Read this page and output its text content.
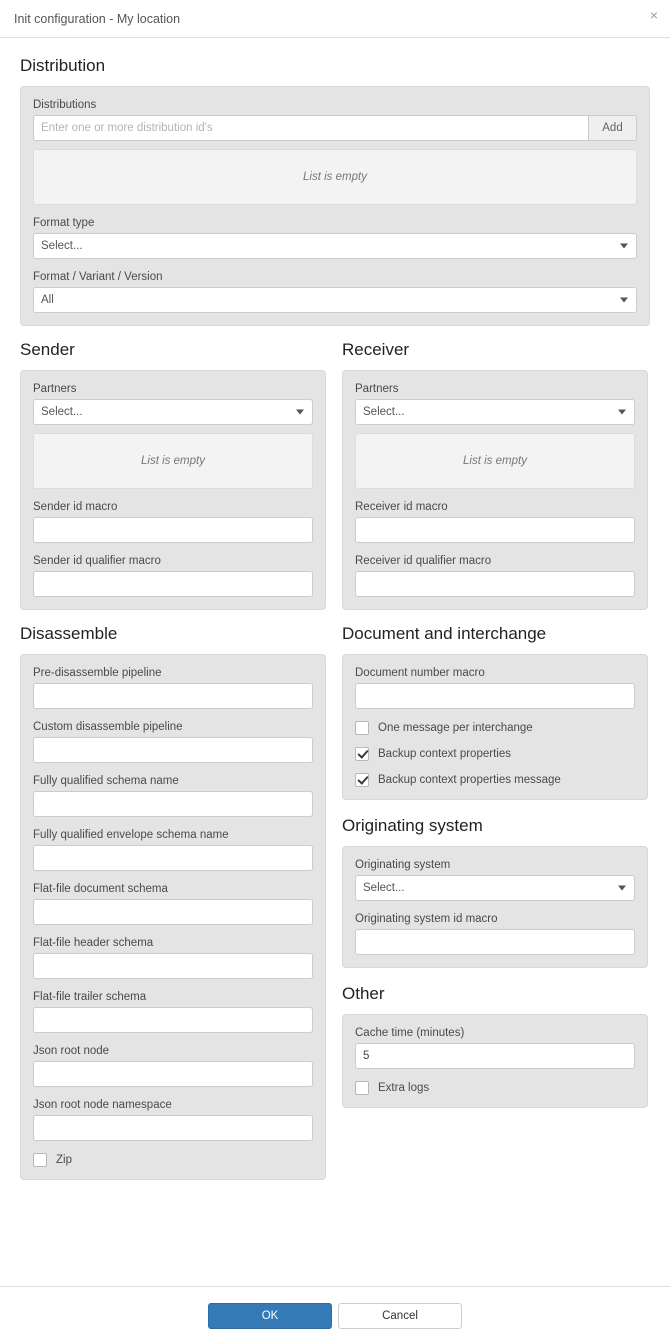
Init configuration - My location	×
Distribution
Distributions
Enter one or more distribution id's
Add
List is empty
Format type
Select...
Format / Variant / Version
All
Sender
Partners
Select...
List is empty
Sender id macro
Sender id qualifier macro
Receiver
Partners
Select...
List is empty
Receiver id macro
Receiver id qualifier macro
Disassemble
Pre-disassemble pipeline
Custom disassemble pipeline
Fully qualified schema name
Fully qualified envelope schema name
Flat-file document schema
Flat-file header schema
Flat-file trailer schema
Json root node
Json root node namespace
Zip
Document and interchange
Document number macro
One message per interchange
Backup context properties
Backup context properties message
Originating system
Originating system
Select...
Originating system id macro
Other
Cache time (minutes)
5
Extra logs
OK	Cancel
